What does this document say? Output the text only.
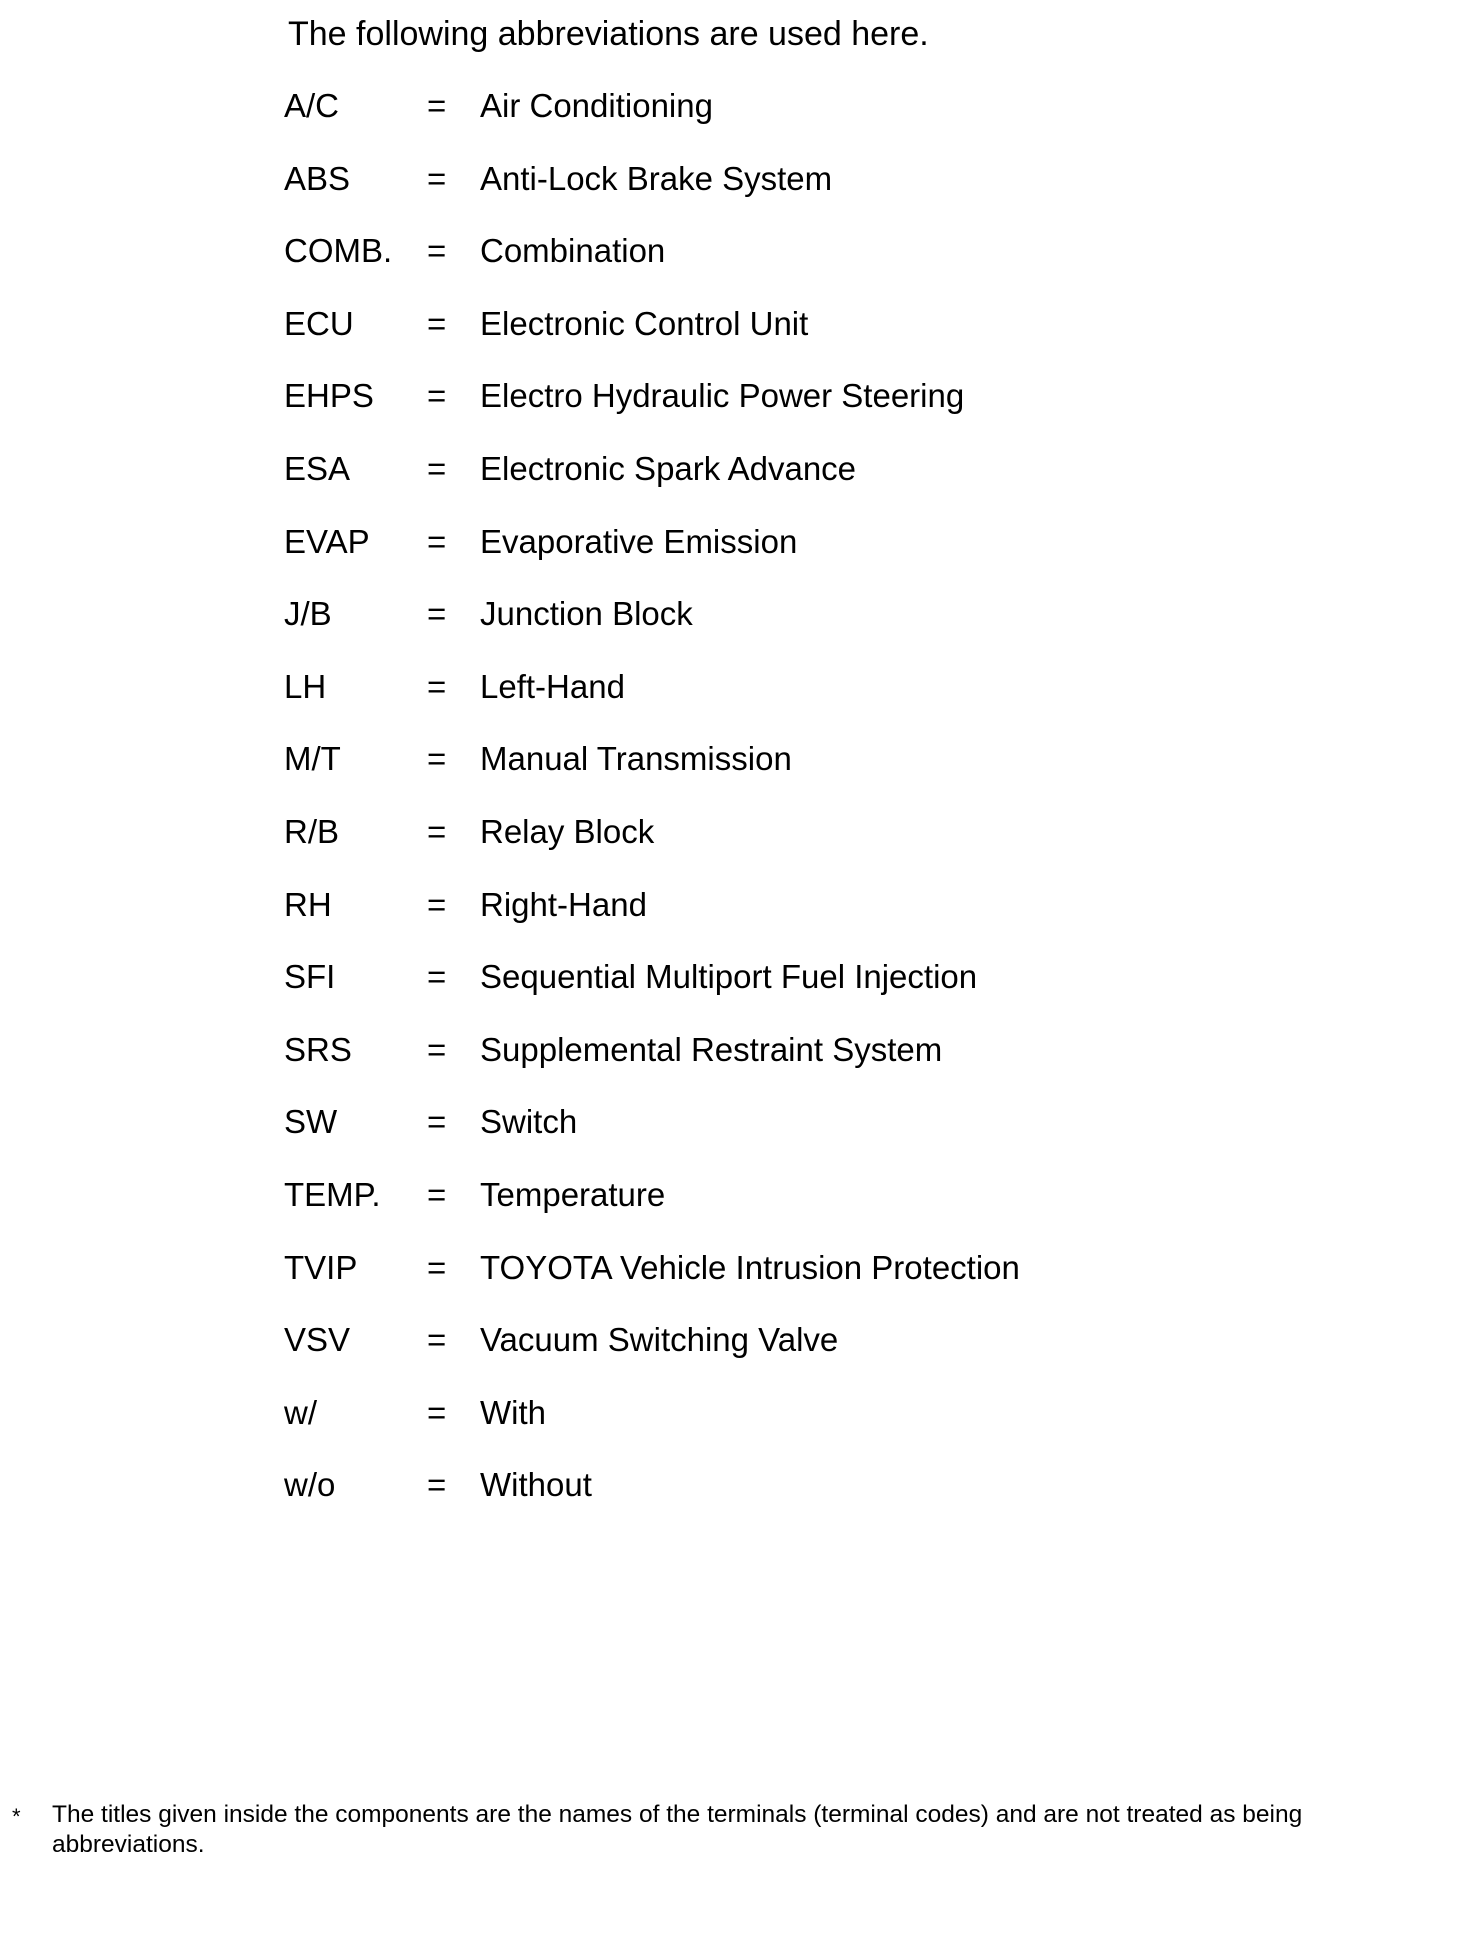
The following abbreviations are used here.
A/C	= Air Conditioning
ABS = Anti-Lock Brake System
COMB. = Combination
ECU = Electronic Control Unit
EHPS = Electro Hydraulic Power Steering
ESA = Electronic Spark Advance
EVAP = Evaporative Emission
J/B	= Junction Block
LH	= Left-Hand
M/T	= Manual Transmission
R/B	= Relay Block
RH	= Right-Hand
SFI	= Sequential Multiport Fuel Injection
SRS = Supplemental Restraint System
SW	= Switch
TEMP. = Temperature
TVIP = TOYOTA Vehicle Intrusion Protection
VSV = Vacuum Switching Valve
w/	= With
w/o	= Without
* The titles given inside the components are the names of the terminals (terminal codes) and are not treated as being abbreviations.
